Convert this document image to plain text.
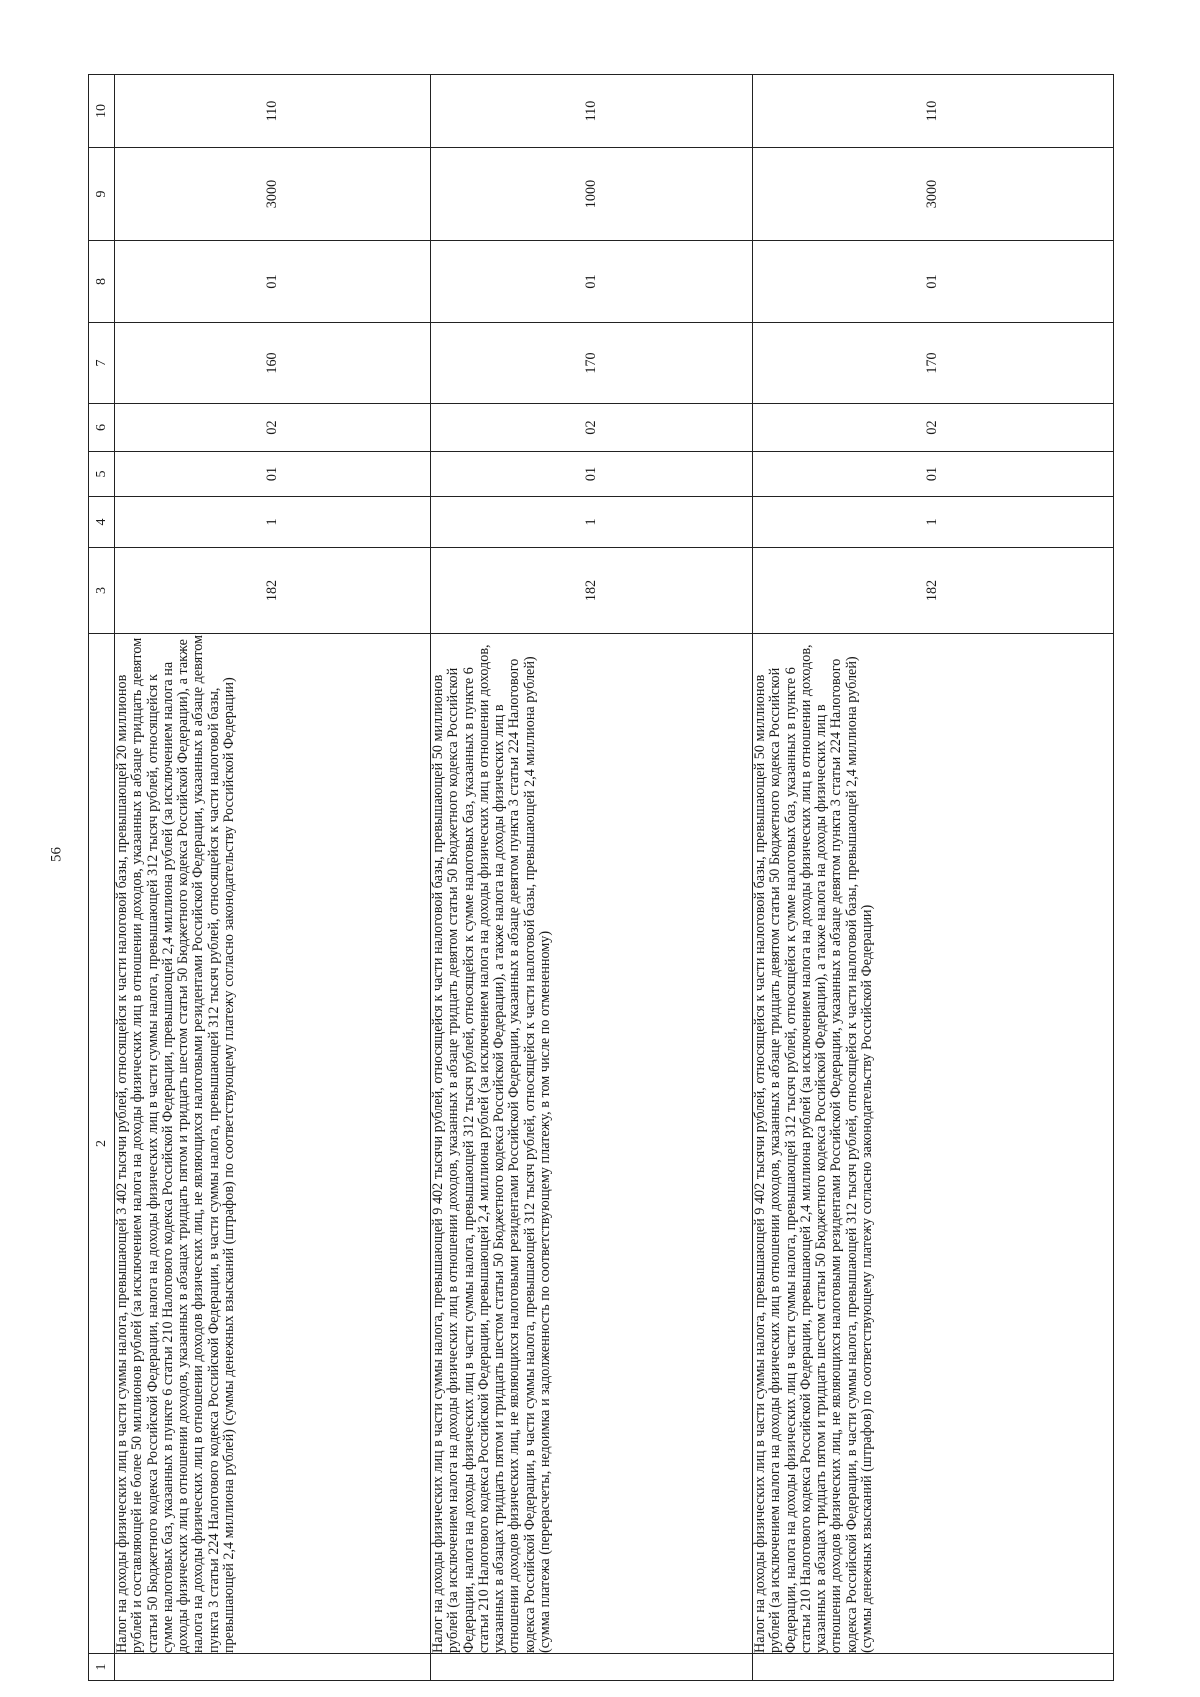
56
1	2	3	4	5	6	7	8	9	10
	Налог на доходы физических лиц в части суммы налога, превышающей 3 402 тысячи рублей, относящейся к части налоговой базы, превышающей 20 миллионов рублей и составляющей не более 50 миллионов рублей (за исключением налога на доходы физических лиц в отношении доходов, указанных в абзаце тридцать девятом статьи 50 Бюджетного кодекса Российской Федерации, налога на доходы физических лиц в части суммы налога, превышающей 312 тысяч рублей, относящейся к сумме налоговых баз, указанных в пункте 6 статьи 210 Налогового кодекса Российской Федерации, превышающей 2,4 миллиона рублей (за исключением налога на доходы физических лиц в отношении доходов, указанных в абзацах тридцать пятом и тридцать шестом статьи 50 Бюджетного кодекса Российской Федерации), а также налога на доходы физических лиц в отношении доходов физических лиц, не являющихся налоговыми резидентами Российской Федерации, указанных в абзаце девятом пункта 3 статьи 224 Налогового кодекса Российской Федерации, в части суммы налога, превышающей 312 тысяч рублей, относящейся к части налоговой базы, превышающей 2,4 миллиона рублей) (суммы денежных взысканий (штрафов) по соответствующему платежу согласно законодательству Российской Федерации)	182	1	01	02	160	01	3000	110
	Налог на доходы физических лиц в части суммы налога, превышающей 9 402 тысячи рублей, относящейся к части налоговой базы, превышающей 50 миллионов рублей (за исключением налога на доходы физических лиц в отношении доходов, указанных в абзаце тридцать девятом статьи 50 Бюджетного кодекса Российской Федерации, налога на доходы физических лиц в части суммы налога, превышающей 312 тысяч рублей, относящейся к сумме налоговых баз, указанных в пункте 6 статьи 210 Налогового кодекса Российской Федерации, превышающей 2,4 миллиона рублей (за исключением налога на доходы физических лиц в отношении доходов, указанных в абзацах тридцать пятом и тридцать шестом статьи 50 Бюджетного кодекса Российской Федерации), а также налога на доходы физических лиц в отношении доходов физических лиц, не являющихся налоговыми резидентами Российской Федерации, указанных в абзаце девятом пункта 3 статьи 224 Налогового кодекса Российской Федерации, в части суммы налога, превышающей 312 тысяч рублей, относящейся к части налоговой базы, превышающей 2,4 миллиона рублей) (сумма платежа (перерасчеты, недоимка и задолженность по соответствующему платежу, в том числе по отмененному)	182	1	01	02	170	01	1000	110
	Налог на доходы физических лиц в части суммы налога, превышающей 9 402 тысячи рублей, относящейся к части налоговой базы, превышающей 50 миллионов рублей (за исключением налога на доходы физических лиц в отношении доходов, указанных в абзаце тридцать девятом статьи 50 Бюджетного кодекса Российской Федерации, налога на доходы физических лиц в части суммы налога, превышающей 312 тысяч рублей, относящейся к сумме налоговых баз, указанных в пункте 6 статьи 210 Налогового кодекса Российской Федерации, превышающей 2,4 миллиона рублей (за исключением налога на доходы физических лиц в отношении доходов, указанных в абзацах тридцать пятом и тридцать шестом статьи 50 Бюджетного кодекса Российской Федерации), а также налога на доходы физических лиц в отношении доходов физических лиц, не являющихся налоговыми резидентами Российской Федерации, указанных в абзаце девятом пункта 3 статьи 224 Налогового кодекса Российской Федерации, в части суммы налога, превышающей 312 тысяч рублей, относящейся к части налоговой базы, превышающей 2,4 миллиона рублей) (суммы денежных взысканий (штрафов) по соответствующему платежу согласно законодательству Российской Федерации)	182	1	01	02	170	01	3000	110
